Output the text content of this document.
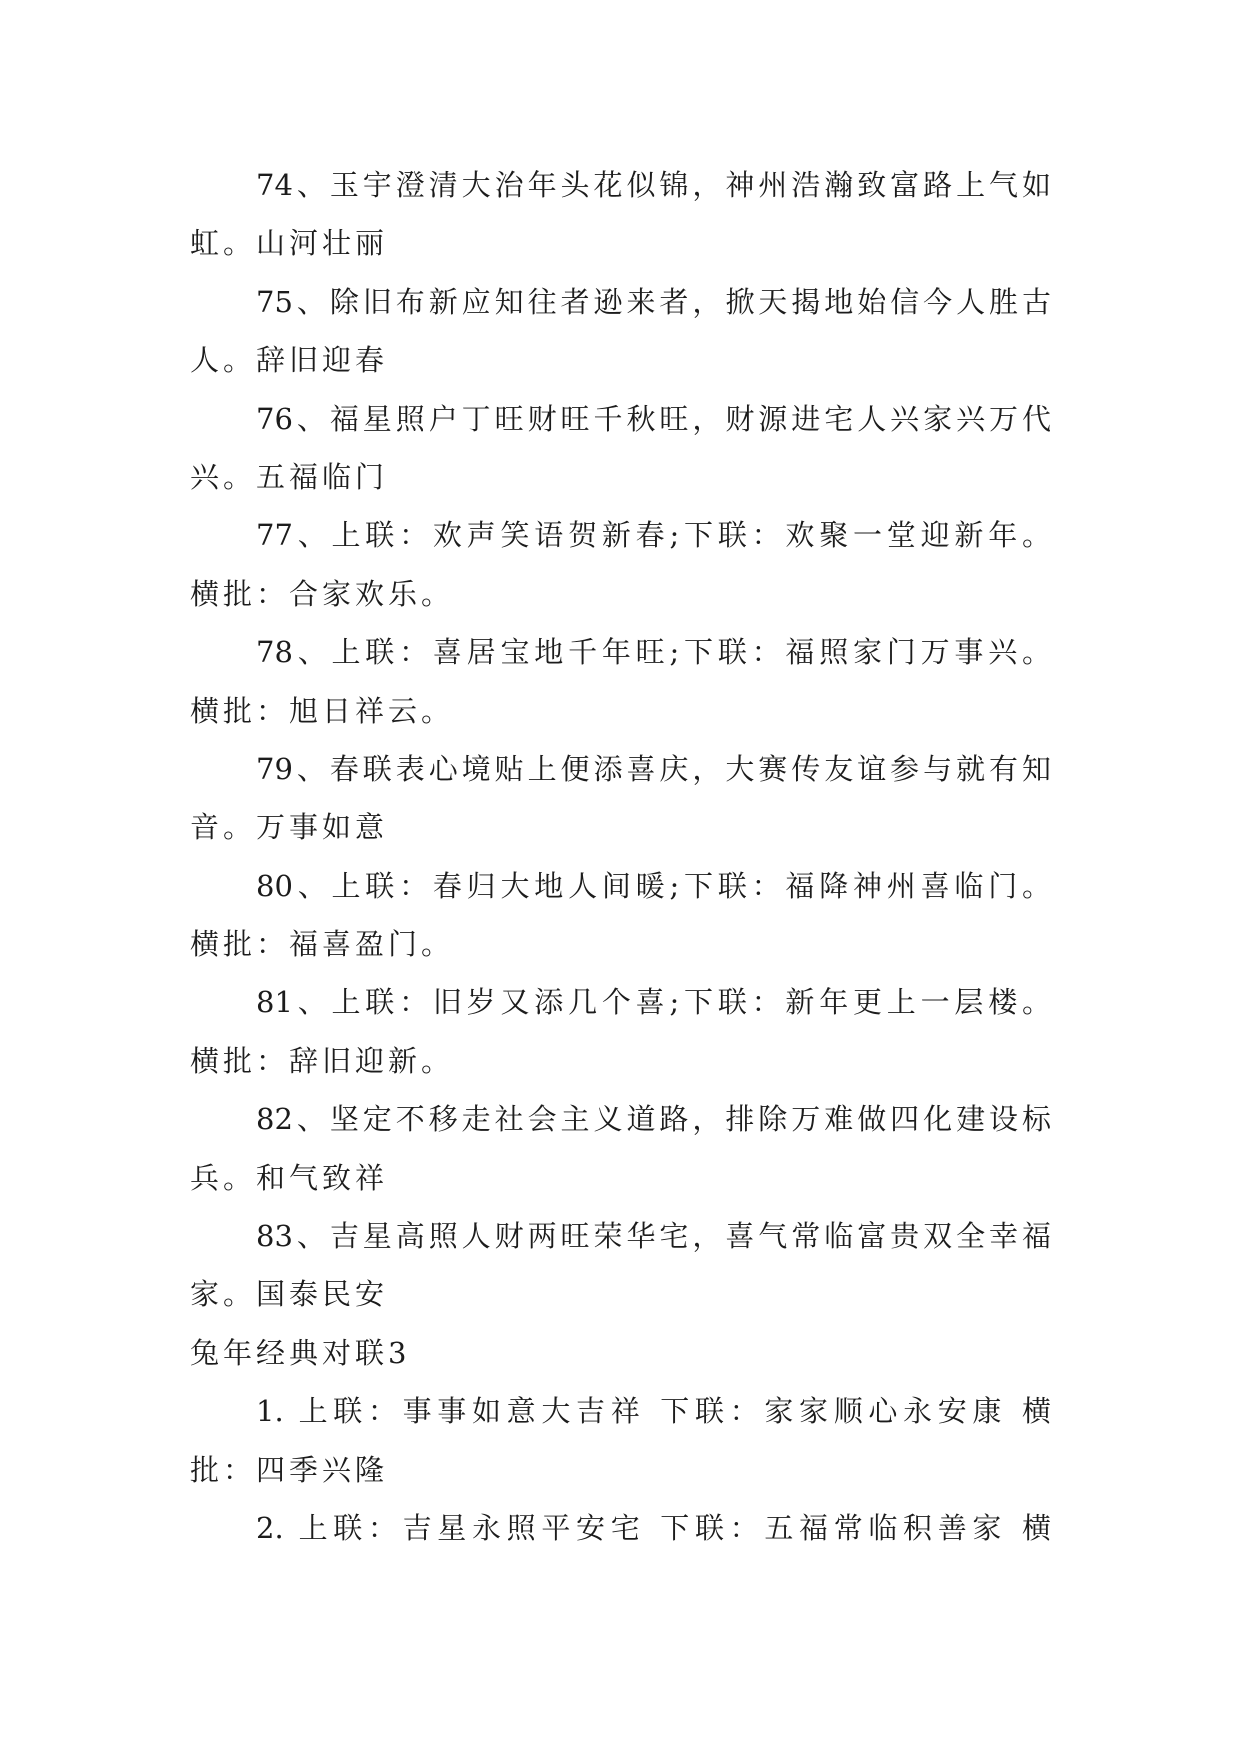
74、玉宇澄清大治年头花似锦，神州浩瀚致富路上气如
虹。山河壮丽
75、除旧布新应知往者逊来者，掀天揭地始信今人胜古
人。辞旧迎春
76、福星照户丁旺财旺千秋旺，财源进宅人兴家兴万代
兴。五福临门
77、上联：欢声笑语贺新春;下联：欢聚一堂迎新年。
横批：合家欢乐。
78、上联：喜居宝地千年旺;下联：福照家门万事兴。
横批：旭日祥云。
79、春联表心境贴上便添喜庆，大赛传友谊参与就有知
音。万事如意
80、上联：春归大地人间暖;下联：福降神州喜临门。
横批：福喜盈门。
81、上联：旧岁又添几个喜;下联：新年更上一层楼。
横批：辞旧迎新。
82、坚定不移走社会主义道路，排除万难做四化建设标
兵。和气致祥
83、吉星高照人财两旺荣华宅，喜气常临富贵双全幸福
家。国泰民安
兔年经典对联3
1. 上联：事事如意大吉祥 下联：家家顺心永安康 横
批：四季兴隆
2. 上联：吉星永照平安宅 下联：五福常临积善家 横
